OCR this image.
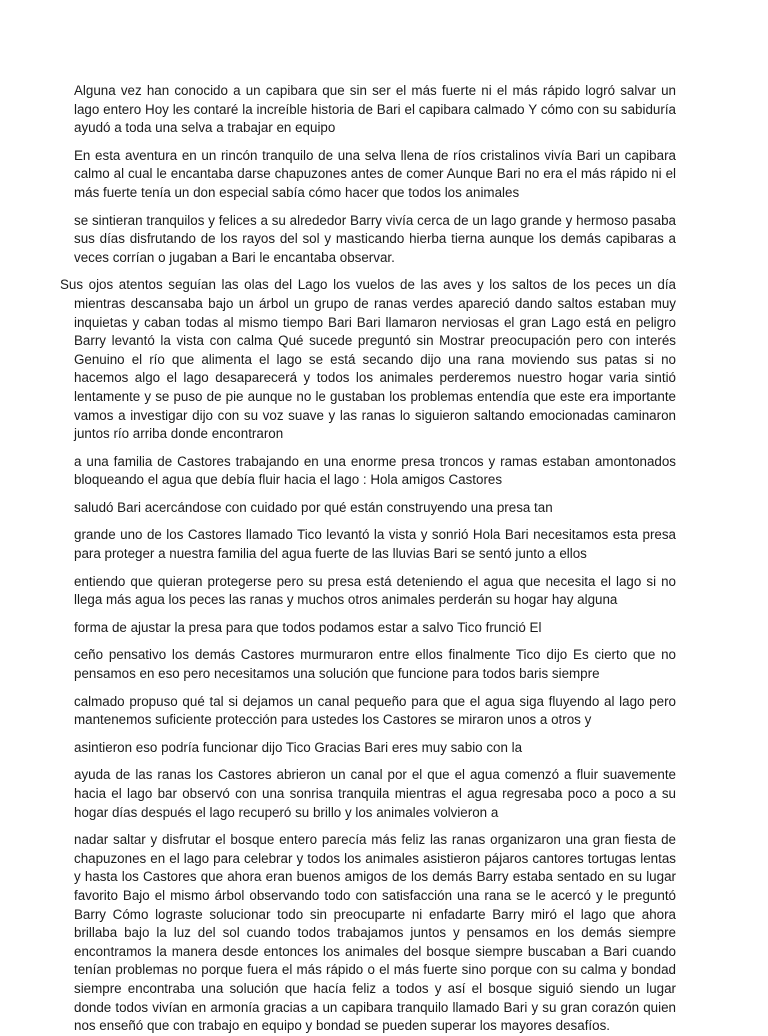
Alguna vez han conocido a un capibara que sin ser el más fuerte ni el más rápido logró salvar un lago entero Hoy les contaré la increíble historia de Bari el capibara calmado Y cómo con su sabiduría ayudó a toda una selva a trabajar en equipo

En esta aventura en un rincón tranquilo de una selva llena de ríos cristalinos vivía Bari un capibara calmo al cual le encantaba darse chapuzones antes de comer Aunque Bari no era el más rápido ni el más fuerte tenía un don especial sabía cómo hacer que todos los animales

se sintieran tranquilos y felices a su alrededor Barry vivía cerca de un lago grande y hermoso pasaba sus días disfrutando de los rayos del sol y masticando hierba tierna aunque los demás capibaras a veces corrían o jugaban a Bari le encantaba observar.

Sus ojos atentos seguían las olas del Lago los vuelos de las aves y los saltos de los peces un día mientras descansaba bajo un árbol un grupo de ranas verdes apareció dando saltos estaban muy inquietas y caban todas al mismo tiempo Bari Bari llamaron nerviosas el gran Lago está en peligro Barry levantó la vista con calma Qué sucede preguntó sin Mostrar preocupación pero con interés Genuino el río que alimenta el lago se está secando dijo una rana moviendo sus patas si no hacemos algo el lago desaparecerá y todos los animales perderemos nuestro hogar varia sintió lentamente y se puso de pie aunque no le gustaban los problemas entendía que este era importante vamos a investigar dijo con su voz suave y las ranas lo siguieron saltando emocionadas caminaron juntos río arriba donde encontraron

a una familia de Castores trabajando en una enorme presa troncos y ramas estaban amontonados bloqueando el agua que debía fluir hacia el lago : Hola amigos Castores

saludó Bari acercándose con cuidado por qué están construyendo una presa tan

grande uno de los Castores llamado Tico levantó la vista y sonrió Hola Bari necesitamos esta presa para proteger a nuestra familia del agua fuerte de las lluvias Bari se sentó junto a ellos

entiendo que quieran protegerse pero su presa está deteniendo el agua que necesita el lago si no llega más agua los peces las ranas y muchos otros animales perderán su hogar hay alguna

forma de ajustar la presa para que todos podamos estar a salvo Tico frunció El

ceño pensativo los demás Castores murmuraron entre ellos finalmente Tico dijo Es cierto que no pensamos en eso pero necesitamos una solución que funcione para todos baris siempre

calmado propuso qué tal si dejamos un canal pequeño para que el agua siga fluyendo al lago pero mantenemos suficiente protección para ustedes los Castores se miraron unos a otros y

asintieron eso podría funcionar dijo Tico Gracias Bari eres muy sabio con la

ayuda de las ranas los Castores abrieron un canal por el que el agua comenzó a fluir suavemente hacia el lago bar observó con una sonrisa tranquila mientras el agua regresaba poco a poco a su hogar días después el lago recuperó su brillo y los animales volvieron a

nadar saltar y disfrutar el bosque entero parecía más feliz las ranas organizaron una gran fiesta de chapuzones en el lago para celebrar y todos los animales asistieron pájaros cantores tortugas lentas y hasta los Castores que ahora eran buenos amigos de los demás Barry estaba sentado en su lugar favorito Bajo el mismo árbol observando todo con satisfacción una rana se le acercó y le preguntó Barry Cómo lograste solucionar todo sin preocuparte ni enfadarte Barry miró el lago que ahora brillaba bajo la luz del sol cuando todos trabajamos juntos y pensamos en los demás siempre encontramos la manera desde entonces los animales del bosque siempre buscaban a Bari cuando tenían problemas no porque fuera el más rápido o el más fuerte sino porque con su calma y bondad siempre encontraba una solución que hacía feliz a todos y así el bosque siguió siendo un lugar donde todos vivían en armonía gracias a un capibara tranquilo llamado Bari y su gran corazón quien nos enseñó que con trabajo en equipo y bondad se pueden superar los mayores desafíos.
